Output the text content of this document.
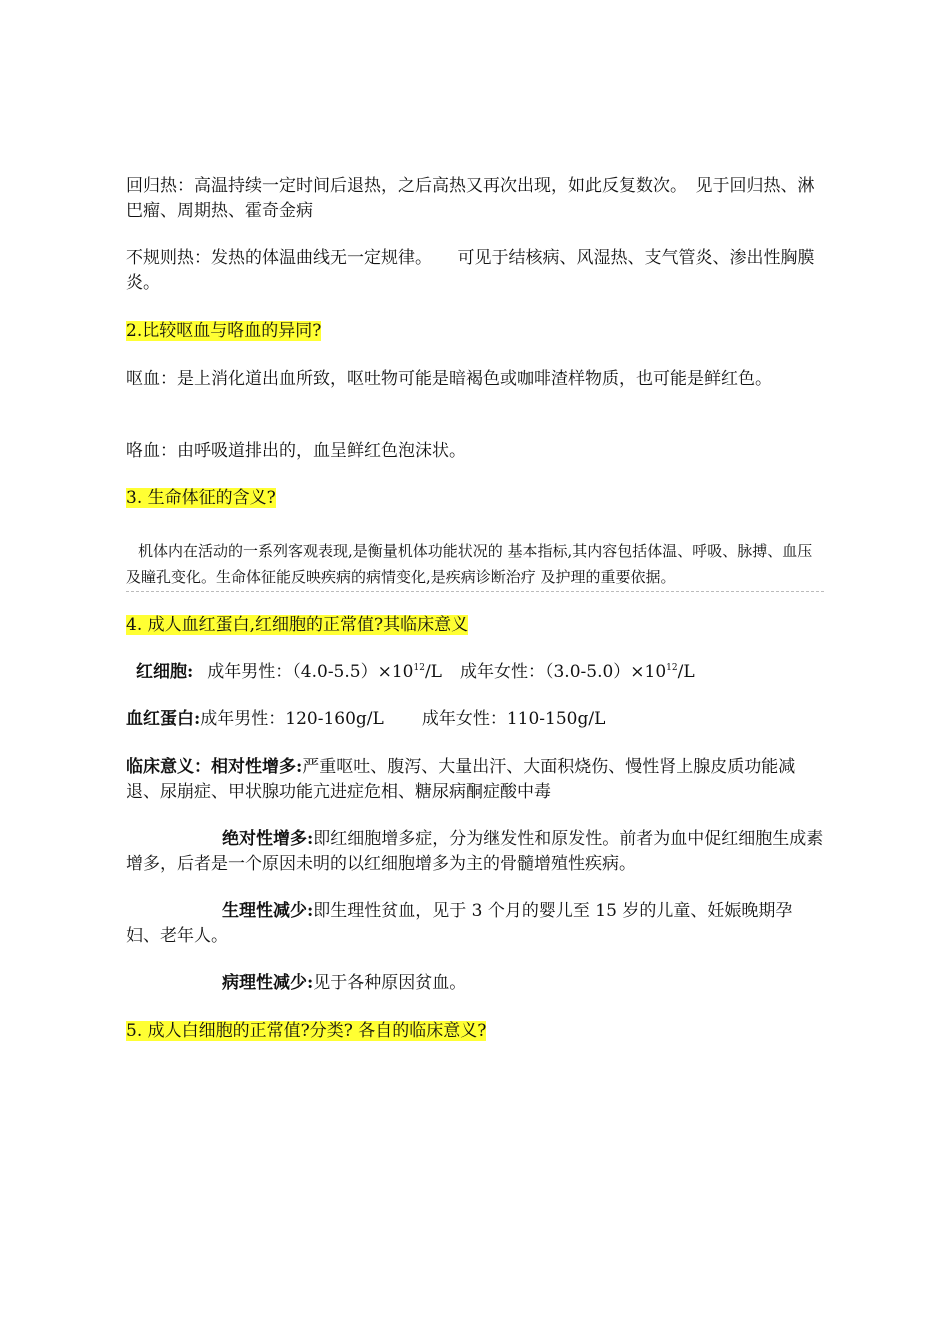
回归热：高温持续一定时间后退热，之后高热又再次出现，如此反复数次。　见于回归热、淋巴瘤、周期热、霍奇金病

不规则热：发热的体温曲线无一定规律。　　可见于结核病、风湿热、支气管炎、渗出性胸膜炎。

2.比较呕血与咯血的异同?

呕血：是上消化道出血所致，呕吐物可能是暗褐色或咖啡渣样物质，也可能是鲜红色。

咯血：由呼吸道排出的，血呈鲜红色泡沫状。

3. 生命体征的含义?

机体内在活动的一系列客观表现,是衡量机体功能状况的 基本指标,其内容包括体温、呼吸、脉搏、血压及瞳孔变化。生命体征能反映疾病的病情变化,是疾病诊断治疗 及护理的重要依据。

4. 成人血红蛋白,红细胞的正常值?其临床意义

红细胞: 成年男性：$(4.0-5.5)\times 10^{12}/L$ 成年女性：$(3.0-5.0)\times 10^{12}/L$

血红蛋白:成年男性：120-160g/L 成年女性：110-150g/L

临床意义：相对性增多:严重呕吐、腹泻、大量出汗、大面积烧伤、慢性肾上腺皮质功能减退、尿崩症、甲状腺功能亢进症危相、糖尿病酮症酸中毒

绝对性增多:即红细胞增多症，分为继发性和原发性。前者为血中促红细胞生成素增多，后者是一个原因未明的以红细胞增多为主的骨髓增殖性疾病。

生理性减少:即生理性贫血，见于 3 个月的婴儿至 15 岁的儿童、妊娠晚期孕妇、老年人。

病理性减少:见于各种原因贫血。

5. 成人白细胞的正常值?分类? 各自的临床意义?
